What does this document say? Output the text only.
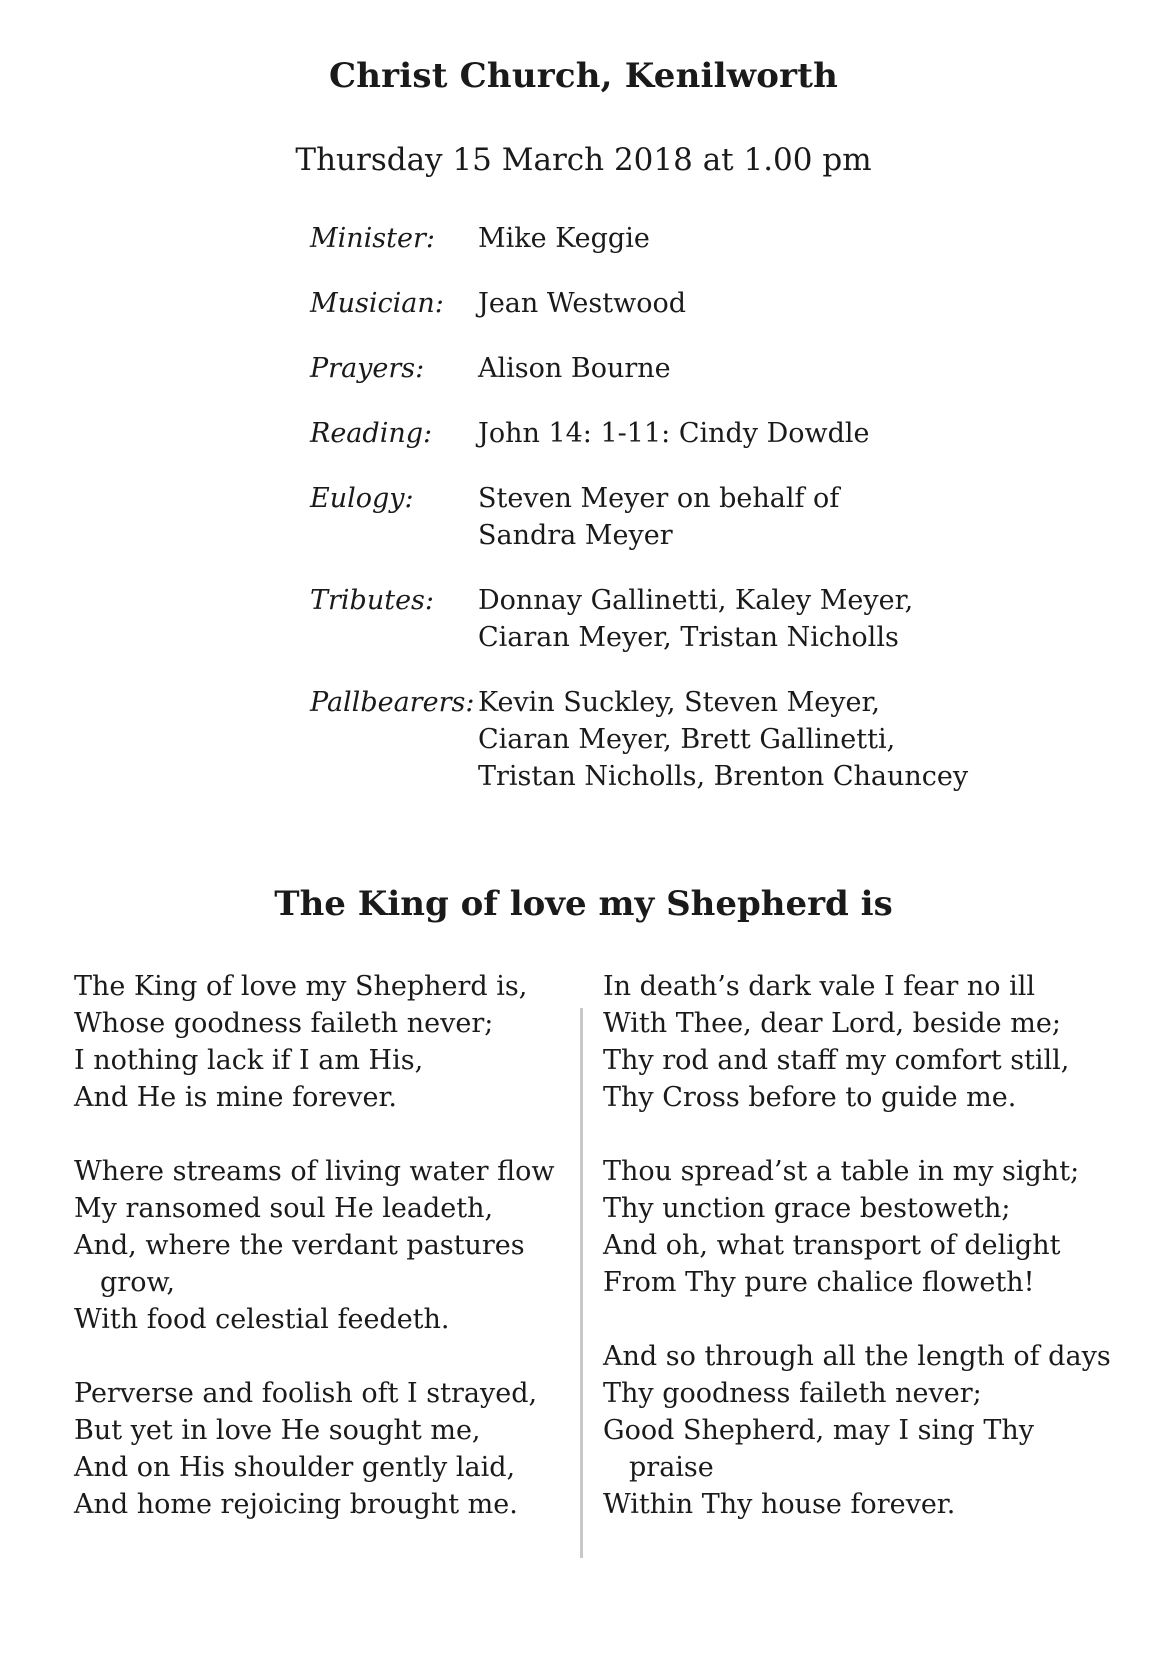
Christ Church, Kenilworth
Thursday 15 March 2018 at 1.00 pm
Minister:	Mike Keggie
Musician:	Jean Westwood
Prayers:	Alison Bourne
Reading:	John 14: 1-11: Cindy Dowdle
Eulogy:	Steven Meyer on behalf of
Sandra Meyer
Tributes:	Donnay Gallinetti, Kaley Meyer,
Ciaran Meyer, Tristan Nicholls
Pallbearers: Kevin Suckley, Steven Meyer,
Ciaran Meyer, Brett Gallinetti,
Tristan Nicholls, Brenton Chauncey
The King of love my Shepherd is
The King of love my Shepherd is,
Whose goodness faileth never;
I nothing lack if I am His,
And He is mine forever.
Where streams of living water flow
My ransomed soul He leadeth,
And, where the verdant pastures
grow,
With food celestial feedeth.
Perverse and foolish oft I strayed,
But yet in love He sought me,
And on His shoulder gently laid,
And home rejoicing brought me.
In death’s dark vale I fear no ill
With Thee, dear Lord, beside me;
Thy rod and staff my comfort still,
Thy Cross before to guide me.
Thou spread’st a table in my sight;
Thy unction grace bestoweth;
And oh, what transport of delight
From Thy pure chalice floweth!
And so through all the length of days
Thy goodness faileth never;
Good Shepherd, may I sing Thy
praise
Within Thy house forever.
